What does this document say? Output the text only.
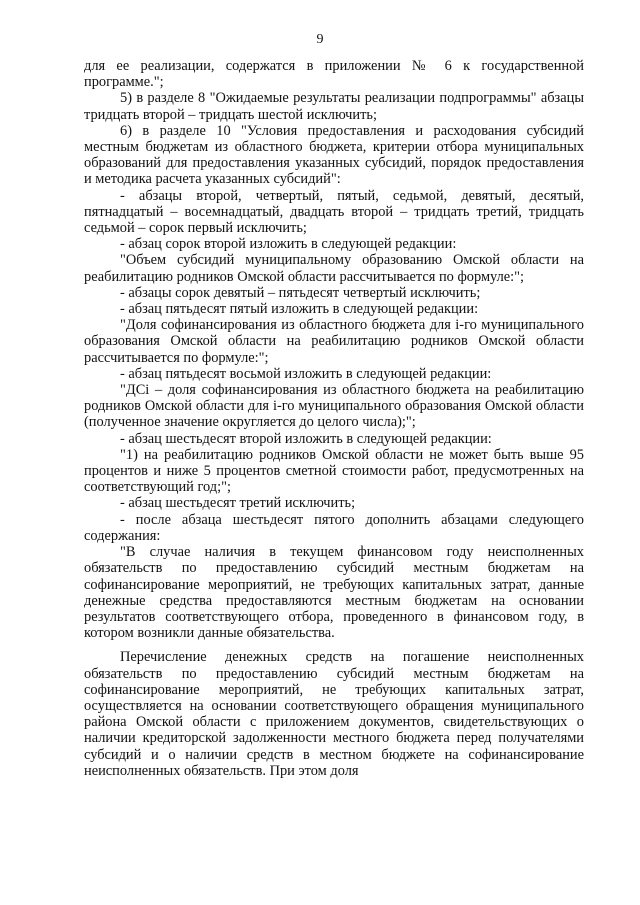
9

для ее реализации, содержатся в приложении № 6 к государственной программе.";

5) в разделе 8 "Ожидаемые результаты реализации подпрограммы" абзацы тридцать второй – тридцать шестой исключить;

6) в разделе 10 "Условия предоставления и расходования субсидий местным бюджетам из областного бюджета, критерии отбора муниципальных образований для предоставления указанных субсидий, порядок предоставления и методика расчета указанных субсидий":

- абзацы второй, четвертый, пятый, седьмой, девятый, десятый, пятнадцатый – восемнадцатый, двадцать второй – тридцать третий, тридцать седьмой – сорок первый исключить;

- абзац сорок второй изложить в следующей редакции:

"Объем субсидий муниципальному образованию Омской области на реабилитацию родников Омской области рассчитывается по формуле:";

- абзацы сорок девятый – пятьдесят четвертый исключить;

- абзац пятьдесят пятый изложить в следующей редакции:

"Доля софинансирования из областного бюджета для i-го муниципального образования Омской области на реабилитацию родников Омской области рассчитывается по формуле:";

- абзац пятьдесят восьмой изложить в следующей редакции:

"ДСi – доля софинансирования из областного бюджета на реабилитацию родников Омской области для i-го муниципального образования Омской области (полученное значение округляется до целого числа);";

- абзац шестьдесят второй изложить в следующей редакции:

"1) на реабилитацию родников Омской области не может быть выше 95 процентов и ниже 5 процентов сметной стоимости работ, предусмотренных на соответствующий год;";

- абзац шестьдесят третий исключить;

- после абзаца шестьдесят пятого дополнить абзацами следующего содержания:

"В случае наличия в текущем финансовом году неисполненных обязательств по предоставлению субсидий местным бюджетам на софинансирование мероприятий, не требующих капитальных затрат, данные денежные средства предоставляются местным бюджетам на основании результатов соответствующего отбора, проведенного в финансовом году, в котором возникли данные обязательства.

Перечисление денежных средств на погашение неисполненных обязательств по предоставлению субсидий местным бюджетам на софинансирование мероприятий, не требующих капитальных затрат, осуществляется на основании соответствующего обращения муниципального района Омской области с приложением документов, свидетельствующих о наличии кредиторской задолженности местного бюджета перед получателями субсидий и о наличии средств в местном бюджете на софинансирование неисполненных обязательств. При этом доля
